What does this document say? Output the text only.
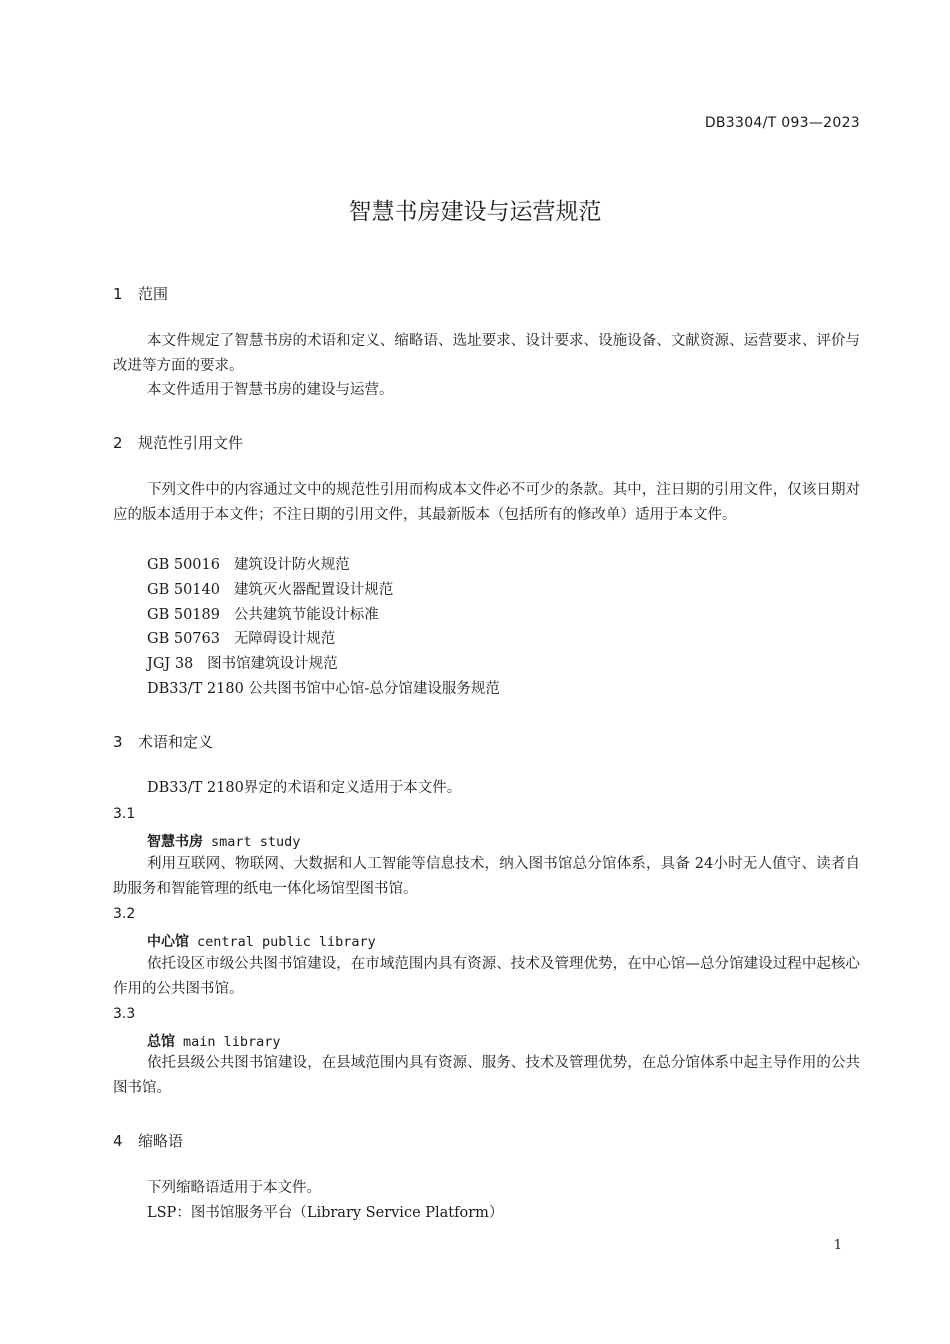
DB3304/T 093—2023
智慧书房建设与运营规范
1 范围
本文件规定了智慧书房的术语和定义、缩略语、选址要求、设计要求、设施设备、文献资源、运营要求、评价与改进等方面的要求。
本文件适用于智慧书房的建设与运营。
2 规范性引用文件
下列文件中的内容通过文中的规范性引用而构成本文件必不可少的条款。其中，注日期的引用文件，仅该日期对应的版本适用于本文件；不注日期的引用文件，其最新版本（包括所有的修改单）适用于本文件。
GB 50016 建筑设计防火规范
GB 50140 建筑灭火器配置设计规范
GB 50189 公共建筑节能设计标准
GB 50763 无障碍设计规范
JGJ 38 图书馆建筑设计规范
DB33/T 2180 公共图书馆中心馆-总分馆建设服务规范
3 术语和定义
DB33/T 2180界定的术语和定义适用于本文件。
3.1
智慧书房 smart study
利用互联网、物联网、大数据和人工智能等信息技术，纳入图书馆总分馆体系，具备 24小时无人值守、读者自助服务和智能管理的纸电一体化场馆型图书馆。
3.2
中心馆 central public library
依托设区市级公共图书馆建设，在市域范围内具有资源、技术及管理优势，在中心馆—总分馆建设过程中起核心作用的公共图书馆。
3.3
总馆 main library
依托县级公共图书馆建设，在县域范围内具有资源、服务、技术及管理优势，在总分馆体系中起主导作用的公共图书馆。
4 缩略语
下列缩略语适用于本文件。
LSP：图书馆服务平台（Library Service Platform）
1
